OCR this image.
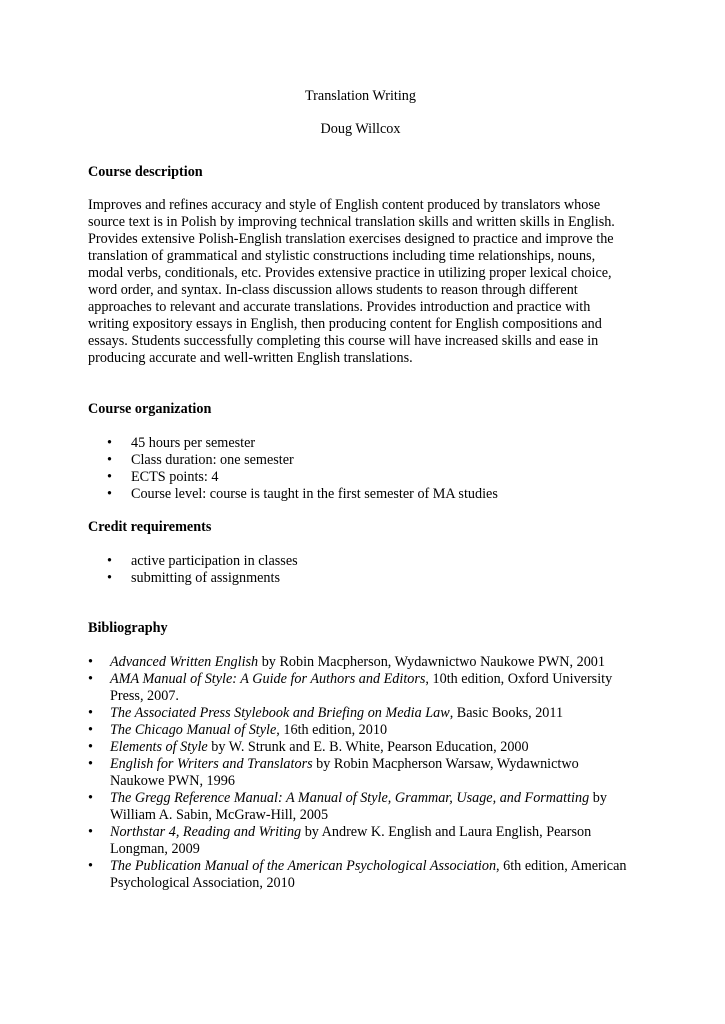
Translation Writing

Doug Willcox

Course description

Improves and refines accuracy and style of English content produced by translators whose source text is in Polish by improving technical translation skills and written skills in English. Provides extensive Polish-English translation exercises designed to practice and improve the translation of grammatical and stylistic constructions including time relationships, nouns, modal verbs, conditionals, etc. Provides extensive practice in utilizing proper lexical choice, word order, and syntax. In-class discussion allows students to reason through different approaches to relevant and accurate translations. Provides introduction and practice with writing expository essays in English, then producing content for English compositions and essays. Students successfully completing this course will have increased skills and ease in producing accurate and well-written English translations.

Course organization
• 45 hours per semester
• Class duration: one semester
• ECTS points: 4
• Course level: course is taught in the first semester of MA studies
Credit requirements
• active participation in classes
• submitting of assignments
Bibliography
• Advanced Written English by Robin Macpherson, Wydawnictwo Naukowe PWN, 2001
• AMA Manual of Style: A Guide for Authors and Editors, 10th edition, Oxford University Press, 2007.
• The Associated Press Stylebook and Briefing on Media Law, Basic Books, 2011
• The Chicago Manual of Style, 16th edition, 2010
• Elements of Style by W. Strunk and E. B. White, Pearson Education, 2000
• English for Writers and Translators by Robin Macpherson Warsaw, Wydawnictwo Naukowe PWN, 1996
• The Gregg Reference Manual: A Manual of Style, Grammar, Usage, and Formatting by William A. Sabin, McGraw-Hill, 2005
• Northstar 4, Reading and Writing by Andrew K. English and Laura English, Pearson Longman, 2009
• The Publication Manual of the American Psychological Association, 6th edition, American Psychological Association, 2010
